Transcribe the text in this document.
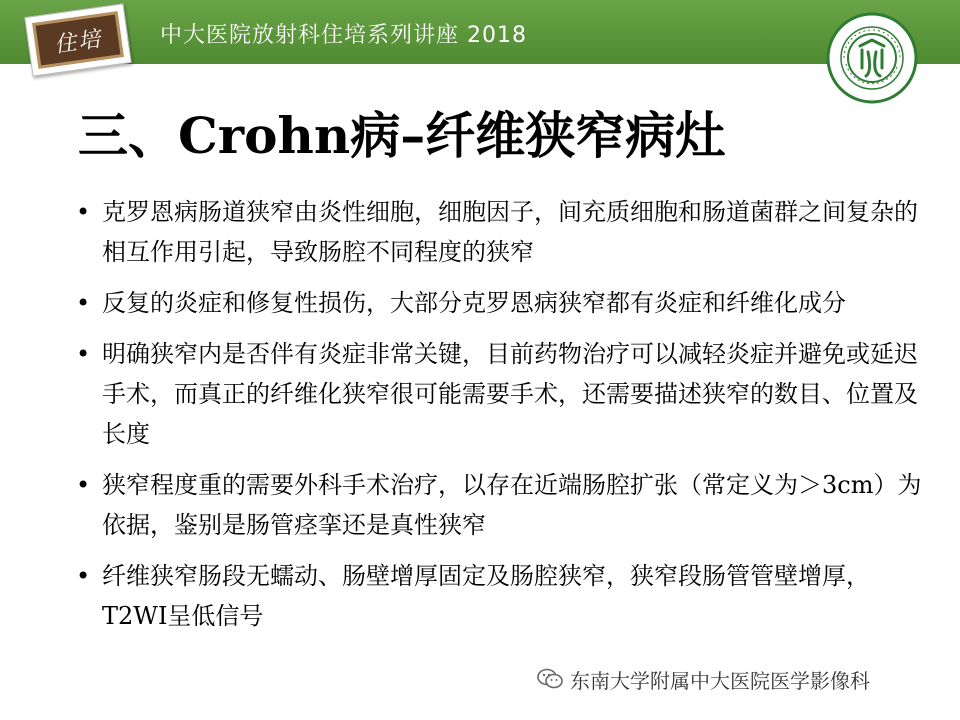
住培	中大医院放射科住培系列讲座 2018
三、Crohn病–纤维狭窄病灶
• 克罗恩病肠道狭窄由炎性细胞，细胞因子，间充质细胞和肠道菌群之间复杂的相互作用引起，导致肠腔不同程度的狭窄
• 反复的炎症和修复性损伤，大部分克罗恩病狭窄都有炎症和纤维化成分
• 明确狭窄内是否伴有炎症非常关键，目前药物治疗可以减轻炎症并避免或延迟手术，而真正的纤维化狭窄很可能需要手术，还需要描述狭窄的数目、位置及长度
• 狭窄程度重的需要外科手术治疗，以存在近端肠腔扩张（常定义为＞3cm）为依据，鉴别是肠管痉挛还是真性狭窄
• 纤维狭窄肠段无蠕动、肠壁增厚固定及肠腔狭窄，狭窄段肠管管壁增厚，T2WI呈低信号
东南大学附属中大医院医学影像科
